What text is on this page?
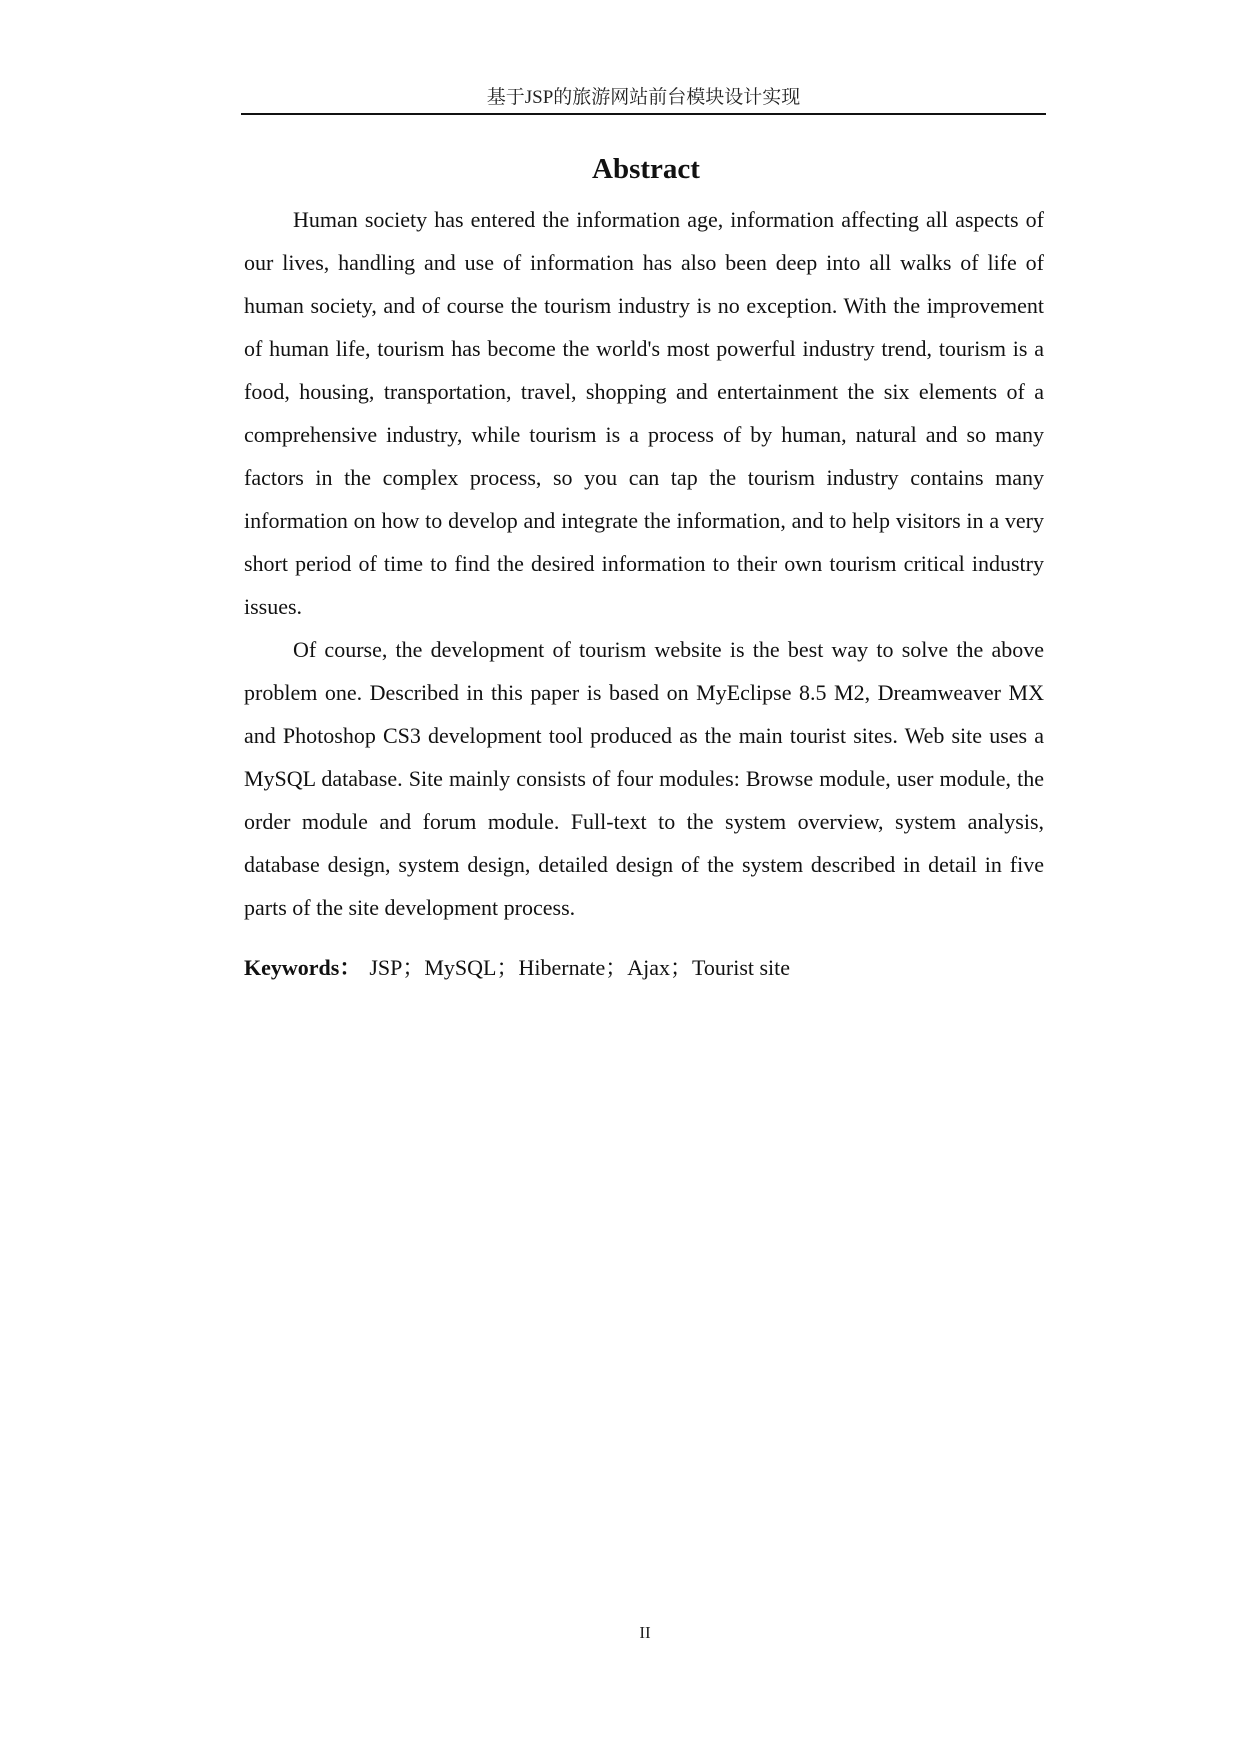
基于JSP的旅游网站前台模块设计实现
Abstract

Human society has entered the information age, information affecting all aspects of our lives, handling and use of information has also been deep into all walks of life of human society, and of course the tourism industry is no exception. With the improvement of human life, tourism has become the world's most powerful industry trend, tourism is a food, housing, transportation, travel, shopping and entertainment the six elements of a comprehensive industry, while tourism is a process of by human, natural and so many factors in the complex process, so you can tap the tourism industry contains many information on how to develop and integrate the information, and to help visitors in a very short period of time to find the desired information to their own tourism critical industry issues.

Of course, the development of tourism website is the best way to solve the above problem one. Described in this paper is based on MyEclipse 8.5 M2, Dreamweaver MX and Photoshop CS3 development tool produced as the main tourist sites. Web site uses a MySQL database. Site mainly consists of four modules: Browse module, user module, the order module and forum module. Full-text to the system overview, system analysis, database design, system design, detailed design of the system described in detail in five parts of the site development process.

Keywords： JSP；MySQL；Hibernate；Ajax；Tourist site
II
